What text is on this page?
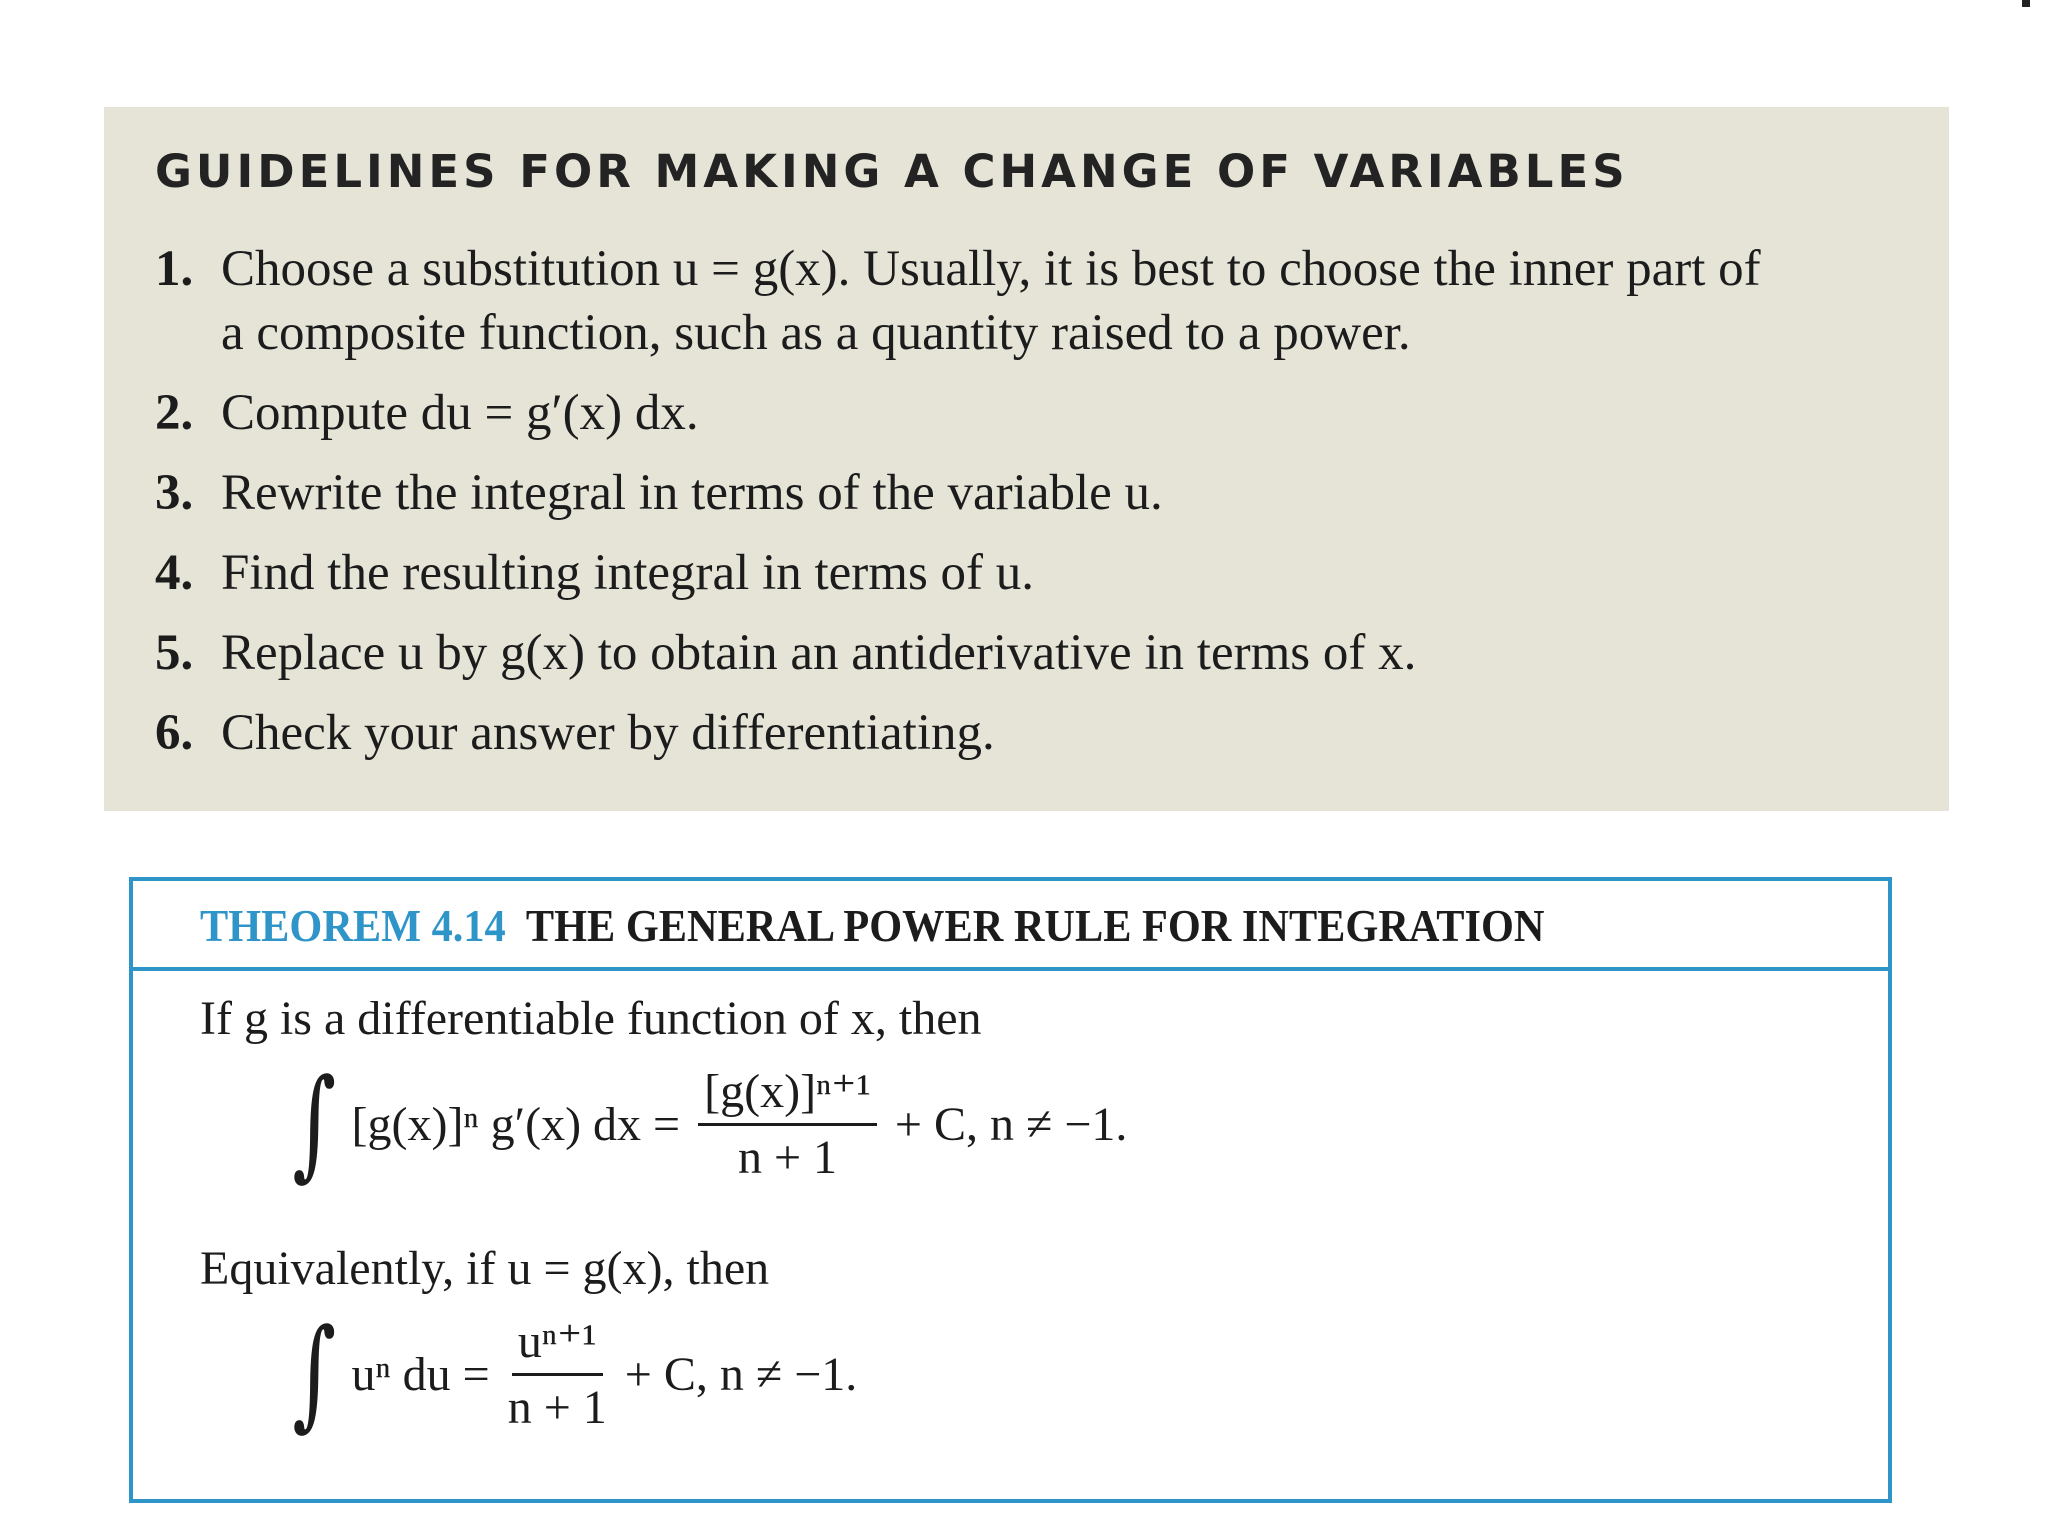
GUIDELINES FOR MAKING A CHANGE OF VARIABLES
1. Choose a substitution u = g(x). Usually, it is best to choose the inner part of
a composite function, such as a quantity raised to a power.
2. Compute du = g′(x) dx.
3. Rewrite the integral in terms of the variable u.
4. Find the resulting integral in terms of u.
5. Replace u by g(x) to obtain an antiderivative in terms of x.
6. Check your answer by differentiating.
THEOREM 4.14 THE GENERAL POWER RULE FOR INTEGRATION
If g is a differentiable function of x, then
∫ [g(x)]ⁿ g′(x) dx = $\frac{\text{[g(x)]ⁿ⁺¹}}{n + 1} + C$, n ≠ −1.
Equivalently, if u = g(x), then
∫ uⁿ du = $\frac{\text{uⁿ⁺¹}}{n + 1} + C$, n ≠ −1.
